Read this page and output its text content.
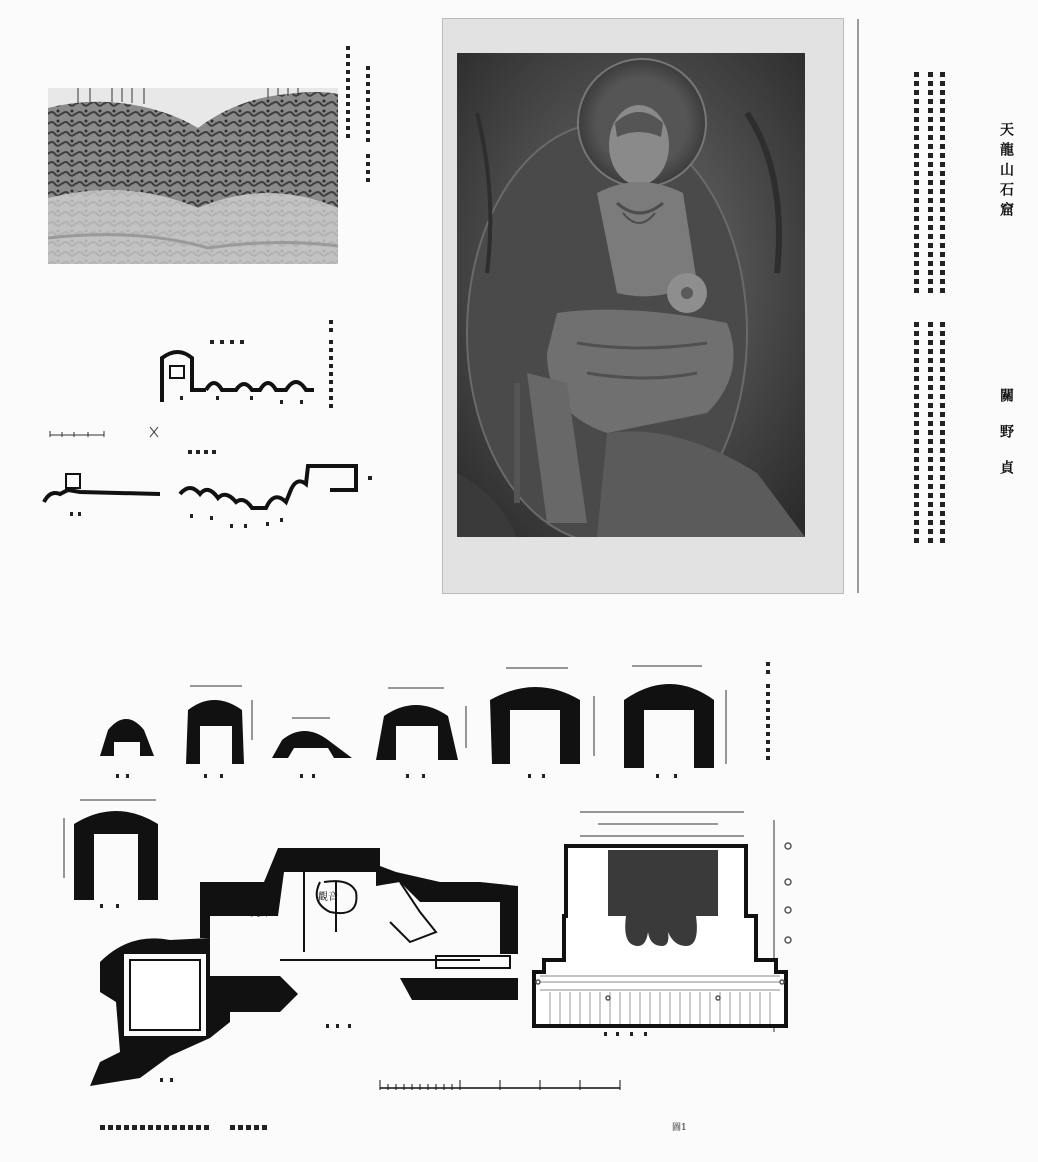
天龍山石窟
關野貞
文殊
觀音
圖1
